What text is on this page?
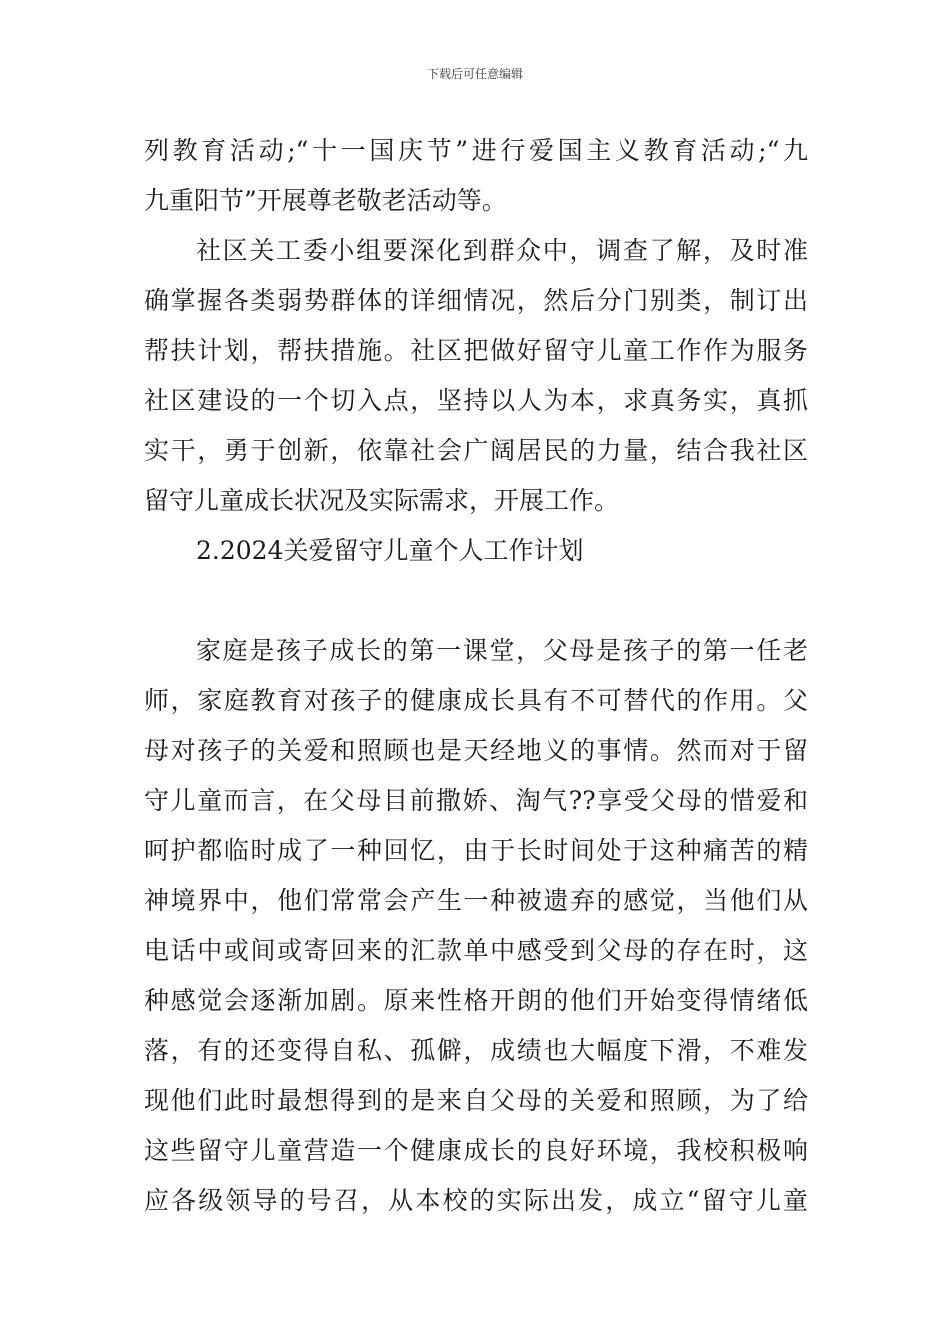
下载后可任意编辑
列教育活动;“十一国庆节”进行爱国主义教育活动;“九
九重阳节”开展尊老敬老活动等。
社区关工委小组要深化到群众中，调查了解，及时准
确掌握各类弱势群体的详细情况，然后分门别类，制订出
帮扶计划，帮扶措施。社区把做好留守儿童工作作为服务
社区建设的一个切入点，坚持以人为本，求真务实，真抓
实干，勇于创新，依靠社会广阔居民的力量，结合我社区
留守儿童成长状况及实际需求，开展工作。
2.2024关爱留守儿童个人工作计划
家庭是孩子成长的第一课堂，父母是孩子的第一任老
师，家庭教育对孩子的健康成长具有不可替代的作用。父
母对孩子的关爱和照顾也是天经地义的事情。然而对于留
守儿童而言，在父母目前撒娇、淘气??享受父母的惜爱和
呵护都临时成了一种回忆，由于长时间处于这种痛苦的精
神境界中，他们常常会产生一种被遗弃的感觉，当他们从
电话中或间或寄回来的汇款单中感受到父母的存在时，这
种感觉会逐渐加剧。原来性格开朗的他们开始变得情绪低
落，有的还变得自私、孤僻，成绩也大幅度下滑，不难发
现他们此时最想得到的是来自父母的关爱和照顾，为了给
这些留守儿童营造一个健康成长的良好环境，我校积极响
应各级领导的号召，从本校的实际出发，成立“留守儿童
